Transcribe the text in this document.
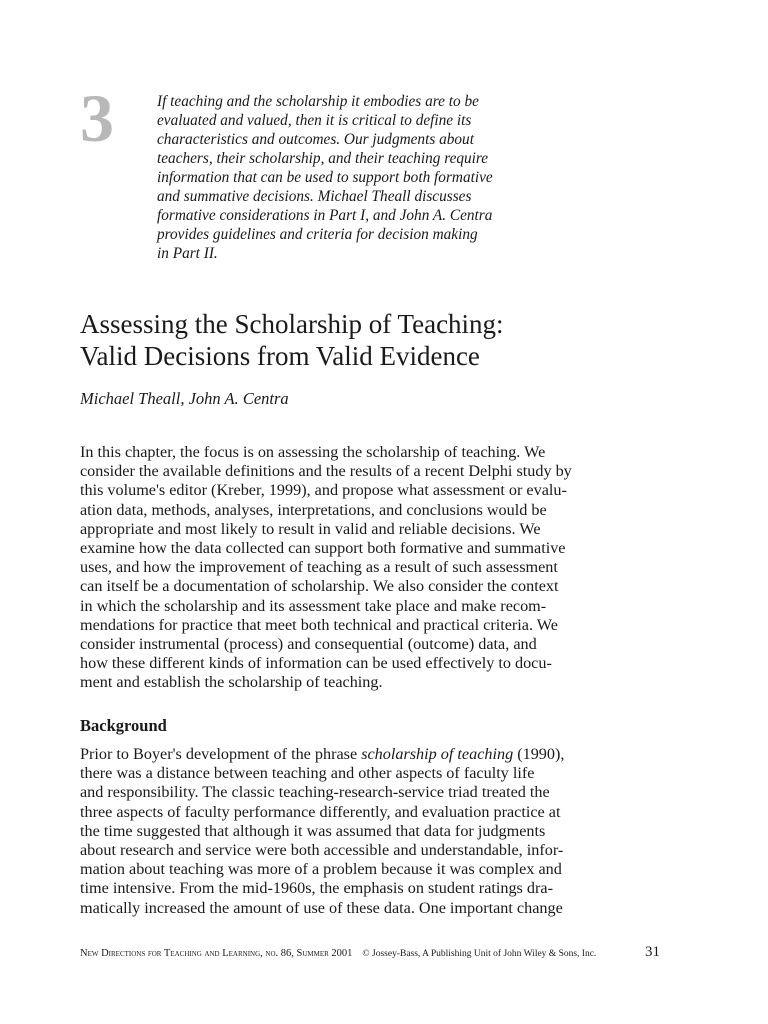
3	If teaching and the scholarship it embodies are to be
evaluated and valued, then it is critical to define its
characteristics and outcomes. Our judgments about
teachers, their scholarship, and their teaching require
information that can be used to support both formative
and summative decisions. Michael Theall discusses
formative considerations in Part I, and John A. Centra
provides guidelines and criteria for decision making
in Part II.
Assessing the Scholarship of Teaching:
Valid Decisions from Valid Evidence
Michael Theall, John A. Centra

In this chapter, the focus is on assessing the scholarship of teaching. We
consider the available definitions and the results of a recent Delphi study by
this volume's editor (Kreber, 1999), and propose what assessment or evalu-
ation data, methods, analyses, interpretations, and conclusions would be
appropriate and most likely to result in valid and reliable decisions. We
examine how the data collected can support both formative and summative
uses, and how the improvement of teaching as a result of such assessment
can itself be a documentation of scholarship. We also consider the context
in which the scholarship and its assessment take place and make recom-
mendations for practice that meet both technical and practical criteria. We
consider instrumental (process) and consequential (outcome) data, and
how these different kinds of information can be used effectively to docu-
ment and establish the scholarship of teaching.

Background

Prior to Boyer's development of the phrase scholarship of teaching (1990),
there was a distance between teaching and other aspects of faculty life
and responsibility. The classic teaching-research-service triad treated the
three aspects of faculty performance differently, and evaluation practice at
the time suggested that although it was assumed that data for judgments
about research and service were both accessible and understandable, infor-
mation about teaching was more of a problem because it was complex and
time intensive. From the mid-1960s, the emphasis on student ratings dra-
matically increased the amount of use of these data. One important change

New Directions for Teaching and Learning, no. 86, Summer 2001 © Jossey-Bass, A Publishing Unit of John Wiley & Sons, Inc.	31
